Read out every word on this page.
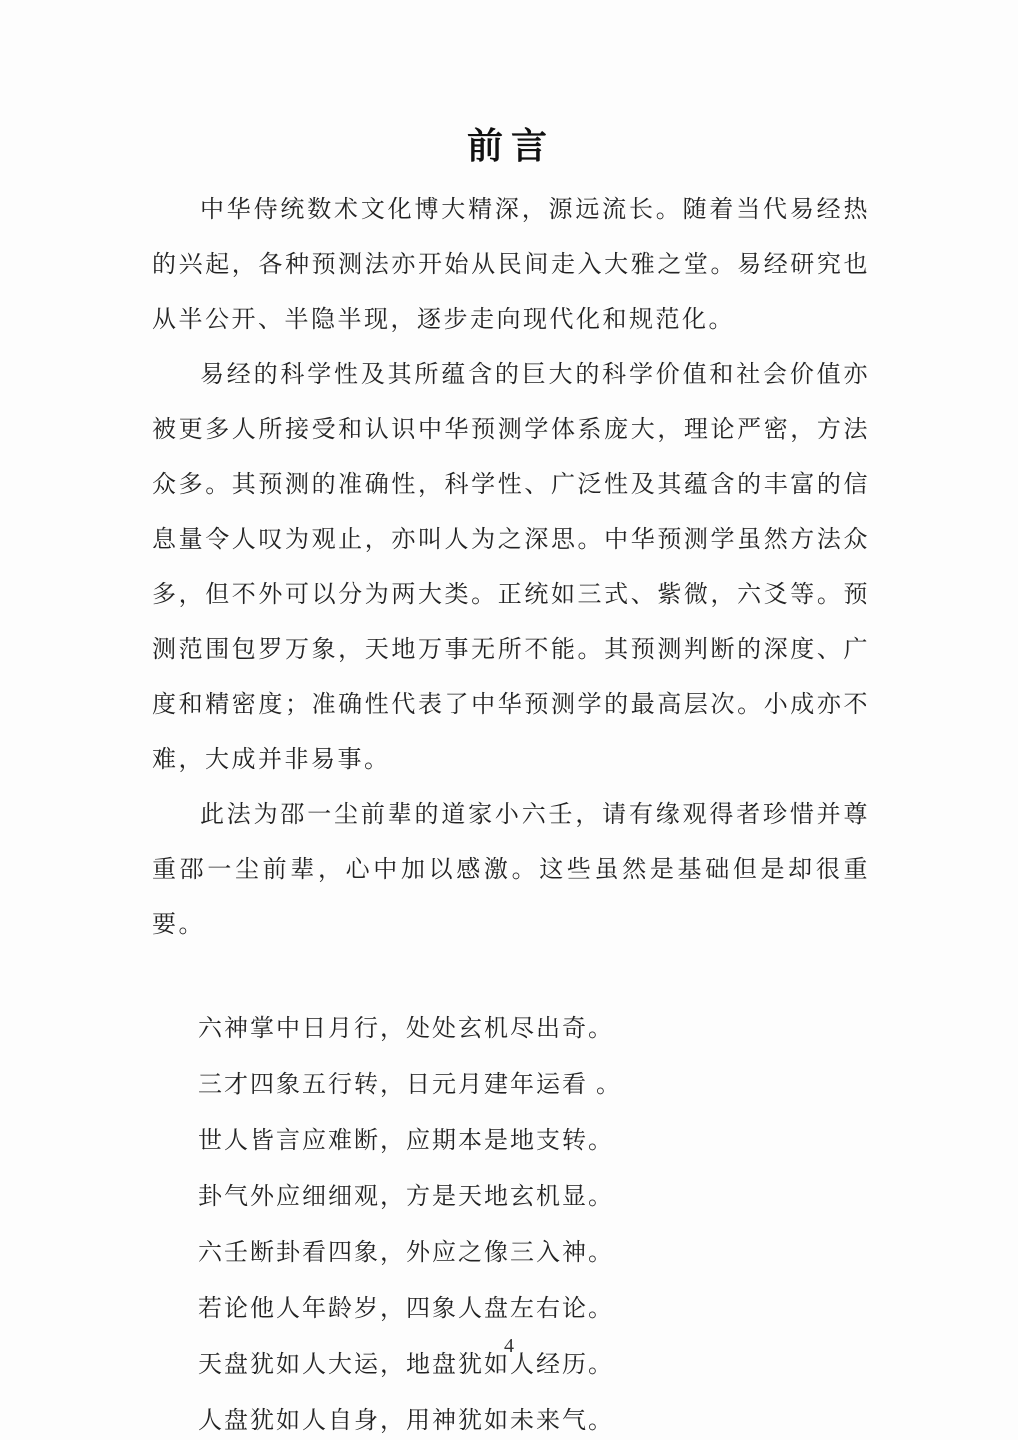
前言

中华侍统数术文化博大精深，源远流长。随着当代易经热的兴起，各种预测法亦开始从民间走入大雅之堂。易经研究也从半公开、半隐半现，逐步走向现代化和规范化。

易经的科学性及其所蕴含的巨大的科学价值和社会价值亦被更多人所接受和认识中华预测学体系庞大，理论严密，方法众多。其预测的准确性，科学性、广泛性及其蕴含的丰富的信息量令人叹为观止，亦叫人为之深思。中华预测学虽然方法众多，但不外可以分为两大类。正统如三式、紫微，六爻等。预测范围包罗万象，天地万事无所不能。其预测判断的深度、广度和精密度；准确性代表了中华预测学的最高层次。小成亦不难，大成并非易事。

此法为邵一尘前辈的道家小六壬，请有缘观得者珍惜并尊重邵一尘前辈，心中加以感激。这些虽然是基础但是却很重要。

六神掌中日月行，处处玄机尽出奇。

三才四象五行转，日元月建年运看 。

世人皆言应难断，应期本是地支转。

卦气外应细细观，方是天地玄机显。

六壬断卦看四象，外应之像三入神。

若论他人年龄岁，四象人盘左右论。

天盘犹如人大运，地盘犹如人经历。

人盘犹如人自身，用神犹如未来气。

4
